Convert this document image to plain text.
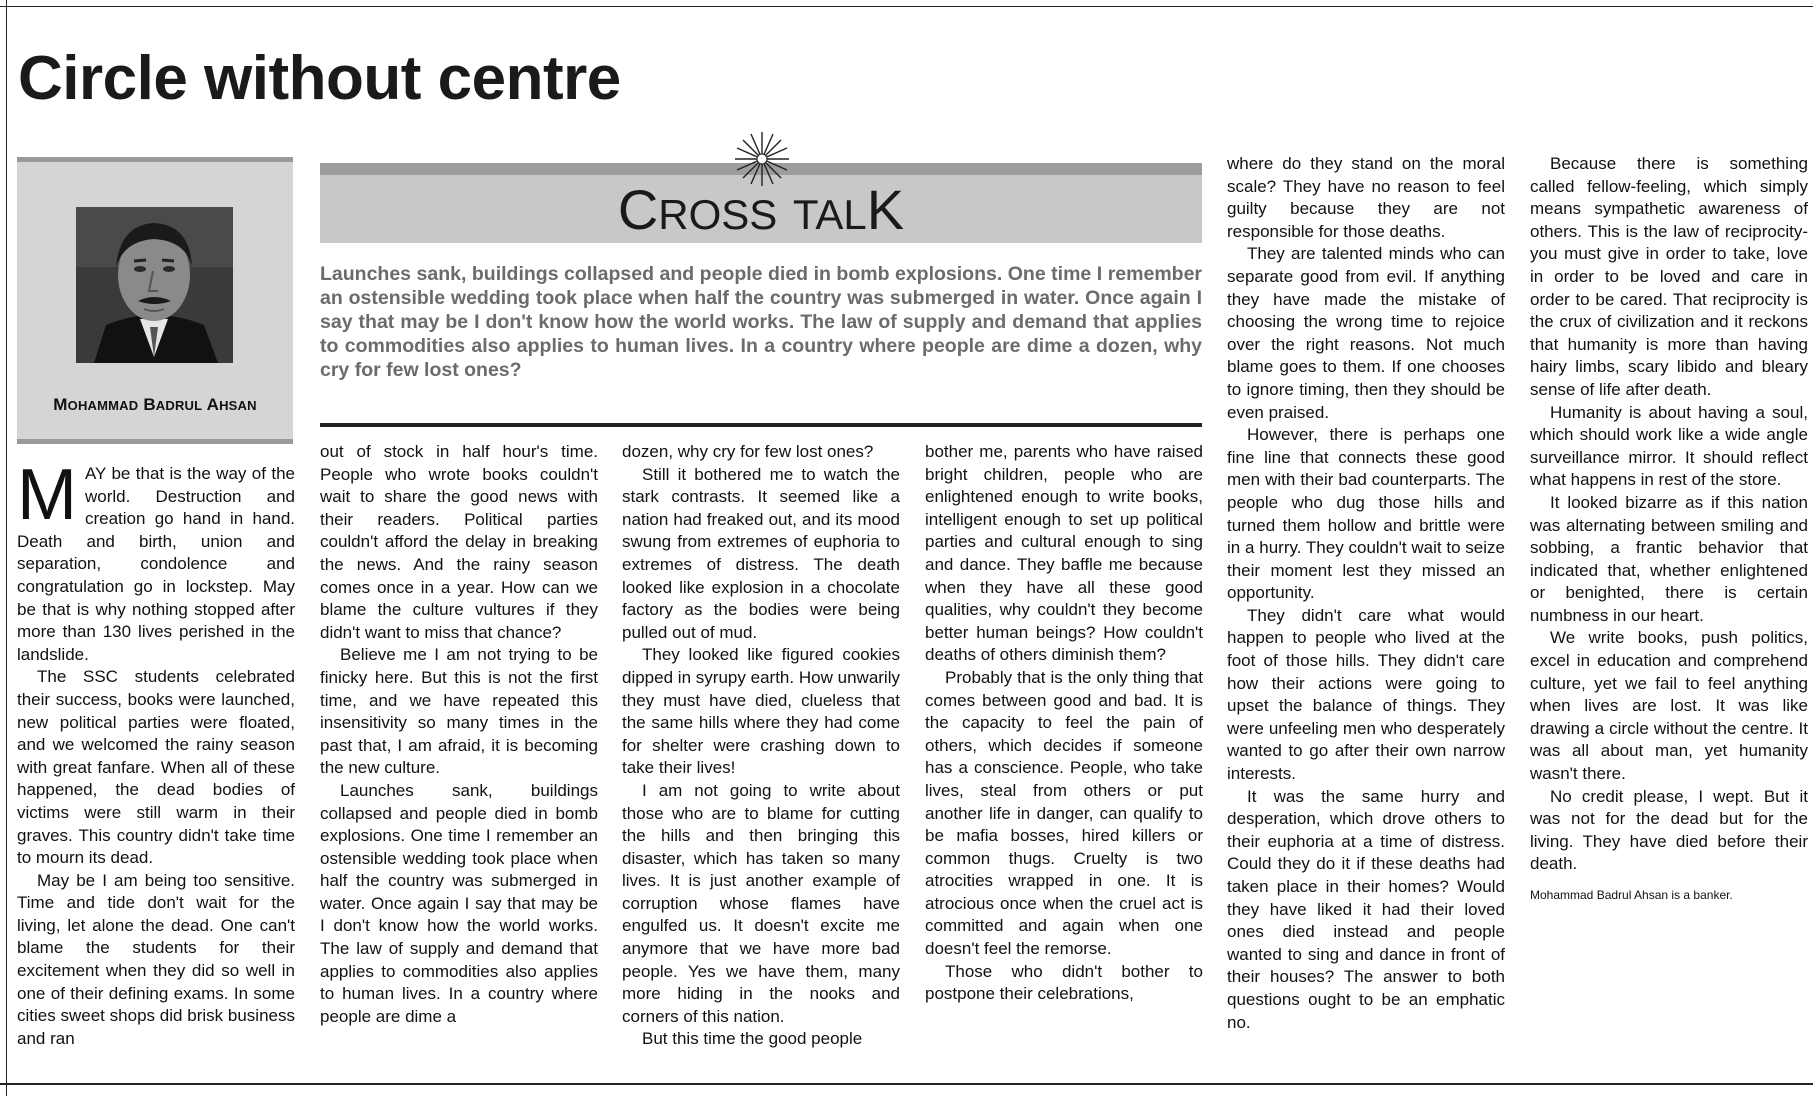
Circle without centre
MOHAMMAD BADRUL AHSAN
CROSS TALK

Launches sank, buildings collapsed and people died in bomb explosions. One time I remember an ostensible wedding took place when half the country was submerged in water. Once again I say that may be I don't know how the world works. The law of supply and demand that applies to commodities also applies to human lives. In a country where people are dime a dozen, why cry for few lost ones?

MAY be that is the way of the world. Destruction and creation go hand in hand. Death and birth, union and separation, condolence and congratulation go in lockstep. May be that is why nothing stopped after more than 130 lives perished in the landslide.

The SSC students celebrated their success, books were launched, new political parties were floated, and we welcomed the rainy season with great fanfare. When all of these happened, the dead bodies of victims were still warm in their graves. This country didn't take time to mourn its dead.

May be I am being too sensitive. Time and tide don't wait for the living, let alone the dead. One can't blame the students for their excitement when they did so well in one of their defining exams. In some cities sweet shops did brisk business and ran

out of stock in half hour's time. People who wrote books couldn't wait to share the good news with their readers. Political parties couldn't afford the delay in breaking the news. And the rainy season comes once in a year. How can we blame the culture vultures if they didn't want to miss that chance?

Believe me I am not trying to be finicky here. But this is not the first time, and we have repeated this insensitivity so many times in the past that, I am afraid, it is becoming the new culture.

Launches sank, buildings collapsed and people died in bomb explosions. One time I remember an ostensible wedding took place when half the country was submerged in water. Once again I say that may be I don't know how the world works. The law of supply and demand that applies to commodities also applies to human lives. In a country where people are dime a

dozen, why cry for few lost ones?

Still it bothered me to watch the stark contrasts. It seemed like a nation had freaked out, and its mood swung from extremes of euphoria to extremes of distress. The death looked like explosion in a chocolate factory as the bodies were being pulled out of mud.

They looked like figured cookies dipped in syrupy earth. How unwarily they must have died, clueless that the same hills where they had come for shelter were crashing down to take their lives!

I am not going to write about those who are to blame for cutting the hills and then bringing this disaster, which has taken so many lives. It is just another example of corruption whose flames have engulfed us. It doesn't excite me anymore that we have more bad people. Yes we have them, many more hiding in the nooks and corners of this nation.

But this time the good people

bother me, parents who have raised bright children, people who are enlightened enough to write books, intelligent enough to set up political parties and cultural enough to sing and dance. They baffle me because when they have all these good qualities, why couldn't they become better human beings? How couldn't deaths of others diminish them?

Probably that is the only thing that comes between good and bad. It is the capacity to feel the pain of others, which decides if someone has a conscience. People, who take lives, steal from others or put another life in danger, can qualify to be mafia bosses, hired killers or common thugs. Cruelty is two atrocities wrapped in one. It is atrocious once when the cruel act is committed and again when one doesn't feel the remorse.

Those who didn't bother to postpone their celebrations,

where do they stand on the moral scale? They have no reason to feel guilty because they are not responsible for those deaths.

They are talented minds who can separate good from evil. If anything they have made the mistake of choosing the wrong time to rejoice over the right reasons. Not much blame goes to them. If one chooses to ignore timing, then they should be even praised.

However, there is perhaps one fine line that connects these good men with their bad counterparts. The people who dug those hills and turned them hollow and brittle were in a hurry. They couldn't wait to seize their moment lest they missed an opportunity.

They didn't care what would happen to people who lived at the foot of those hills. They didn't care how their actions were going to upset the balance of things. They were unfeeling men who desperately wanted to go after their own narrow interests.

It was the same hurry and desperation, which drove others to their euphoria at a time of distress. Could they do it if these deaths had taken place in their homes? Would they have liked it had their loved ones died instead and people wanted to sing and dance in front of their houses? The answer to both questions ought to be an emphatic no.

Because there is something called fellow-feeling, which simply means sympathetic awareness of others. This is the law of reciprocity-you must give in order to take, love in order to be loved and care in order to be cared. That reciprocity is the crux of civilization and it reckons that humanity is more than having hairy limbs, scary libido and bleary sense of life after death.

Humanity is about having a soul, which should work like a wide angle surveillance mirror. It should reflect what happens in rest of the store.

It looked bizarre as if this nation was alternating between smiling and sobbing, a frantic behavior that indicated that, whether enlightened or benighted, there is certain numbness in our heart.

We write books, push politics, excel in education and comprehend culture, yet we fail to feel anything when lives are lost. It was like drawing a circle without the centre. It was all about man, yet humanity wasn't there.

No credit please, I wept. But it was not for the dead but for the living. They have died before their death.

Mohammad Badrul Ahsan is a banker.
